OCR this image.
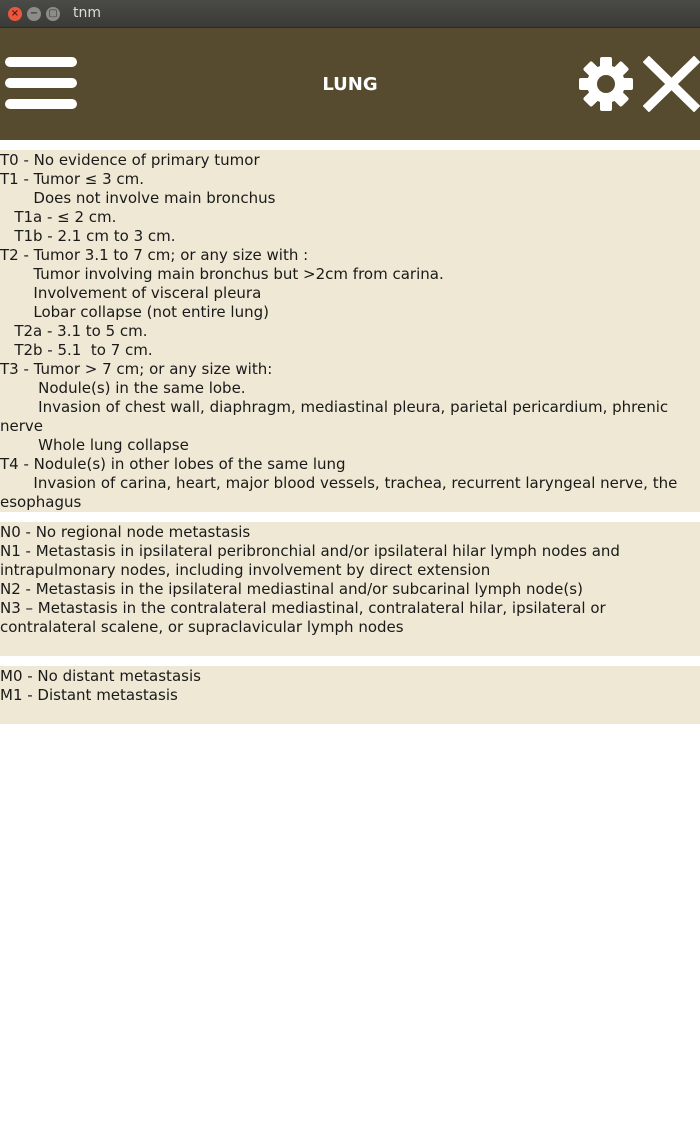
× − ▢ tnm
LUNG
T0 - No evidence of primary tumor
T1 - Tumor ≤ 3 cm.
Does not involve main bronchus
T1a - ≤ 2 cm.
T1b - 2.1 cm to 3 cm.
T2 - Tumor 3.1 to 7 cm; or any size with :
Tumor involving main bronchus but >2cm from carina.
Involvement of visceral pleura
Lobar collapse (not entire lung)
T2a - 3.1 to 5 cm.
T2b - 5.1  to 7 cm.
T3 - Tumor > 7 cm; or any size with:
Nodule(s) in the same lobe.
Invasion of chest wall, diaphragm, mediastinal pleura, parietal pericardium, phrenic nerve
Whole lung collapse
T4 - Nodule(s) in other lobes of the same lung
Invasion of carina, heart, major blood vessels, trachea, recurrent laryngeal nerve, the esophagus
N0 - No regional node metastasis
N1 - Metastasis in ipsilateral peribronchial and/or ipsilateral hilar lymph nodes and intrapulmonary nodes, including involvement by direct extension
N2 - Metastasis in the ipsilateral mediastinal and/or subcarinal lymph node(s)
N3 – Metastasis in the contralateral mediastinal, contralateral hilar, ipsilateral or contralateral scalene, or supraclavicular lymph nodes
M0 - No distant metastasis
M1 - Distant metastasis
